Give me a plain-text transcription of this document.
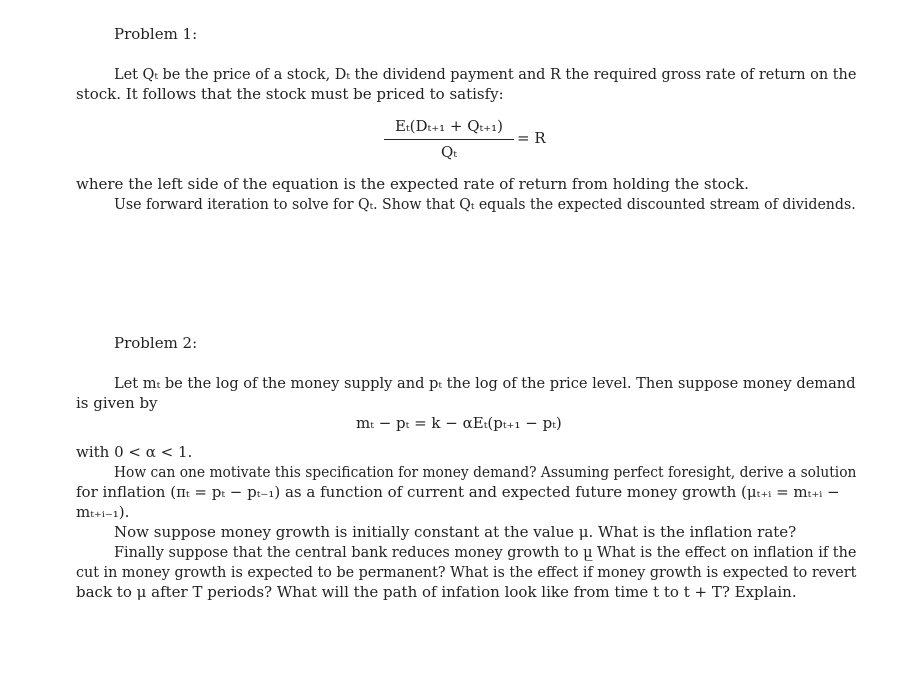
Problem 1:
Let Qₜ be the price of a stock, Dₜ the dividend payment and R the required gross rate of return on the
stock. It follows that the stock must be priced to satisfy:
Eₜ(Dₜ₊₁ + Qₜ₊₁)
Qₜ
= R
where the left side of the equation is the expected rate of return from holding the stock.
Use forward iteration to solve for Qₜ. Show that Qₜ equals the expected discounted stream of dividends.
Problem 2:
Let mₜ be the log of the money supply and pₜ the log of the price level. Then suppose money demand
is given by
mₜ − pₜ = k − αEₜ(pₜ₊₁ − pₜ)
with 0 < α < 1.
How can one motivate this specification for money demand? Assuming perfect foresight, derive a solution
for inflation (πₜ = pₜ − pₜ₋₁) as a function of current and expected future money growth (μₜ₊ᵢ = mₜ₊ᵢ −
mₜ₊ᵢ₋₁).
Now suppose money growth is initially constant at the value μ. What is the inflation rate?
Finally suppose that the central bank reduces money growth to μ̲ What is the effect on inflation if the
cut in money growth is expected to be permanent? What is the effect if money growth is expected to revert
back to μ after T periods? What will the path of infation look like from time t to t + T? Explain.
